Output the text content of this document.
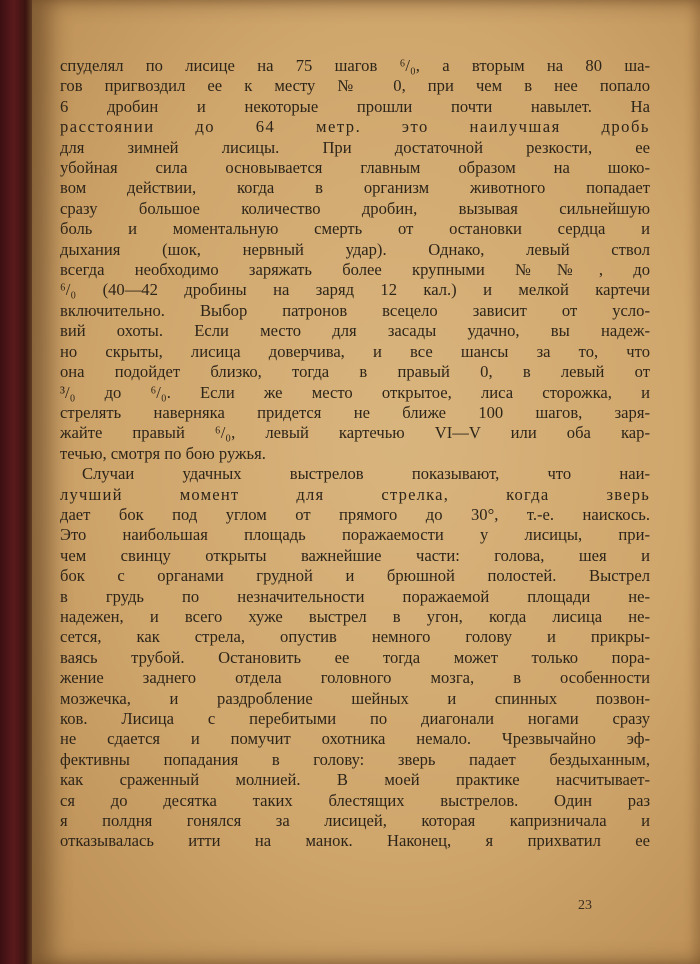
спуделял по лисице на 75 шагов ⁶/₀, а вторым на 80 ша-
гов пригвоздил ее к месту № 0, при чем в нее попало
6 дробин и некоторые прошли почти навылет. На
расстоянии до 64 метр. это наилучшая дробь
для зимней лисицы. При достаточной резкости, ее
убойная сила основывается главным образом на шоко-
вом действии, когда в организм животного попадает
сразу большое количество дробин, вызывая сильнейшую
боль и моментальную смерть от остановки сердца и
дыхания (шок, нервный удар). Однако, левый ствол
всегда необходимо заряжать более крупными №№, до
⁶/₀ (40—42 дробины на заряд 12 кал.) и мелкой картечи
включительно. Выбор патронов всецело зависит от усло-
вий охоты. Если место для засады удачно, вы надеж-
но скрыты, лисица доверчива, и все шансы за то, что
она подойдет близко, тогда в правый 0, в левый от
³/₀ до ⁶/₀. Если же место открытое, лиса сторожка, и
стрелять наверняка придется не ближе 100 шагов, заря-
жайте правый ⁶/₀, левый картечью VI—V или оба кар-
течью, смотря по бою ружья.
Случаи удачных выстрелов показывают, что наи-
лучший момент для стрелка, когда зверь
дает бок под углом от прямого до 30°, т.-е. наискось.
Это наибольшая площадь поражаемости у лисицы, при-
чем свинцу открыты важнейшие части: голова, шея и
бок с органами грудной и брюшной полостей. Выстрел
в грудь по незначительности поражаемой площади не-
надежен, и всего хуже выстрел в угон, когда лисица не-
сется, как стрела, опустив немного голову и прикры-
ваясь трубой. Остановить ее тогда может только пора-
жение заднего отдела головного мозга, в особенности
мозжечка, и раздробление шейных и спинных позвон-
ков. Лисица с перебитыми по диагонали ногами сразу
не сдается и помучит охотника немало. Чрезвычайно эф-
фективны попадания в голову: зверь падает бездыханным,
как сраженный молнией. В моей практике насчитывает-
ся до десятка таких блестящих выстрелов. Один раз
я полдня гонялся за лисицей, которая капризничала и
отказывалась итти на манок. Наконец, я прихватил ее
23
